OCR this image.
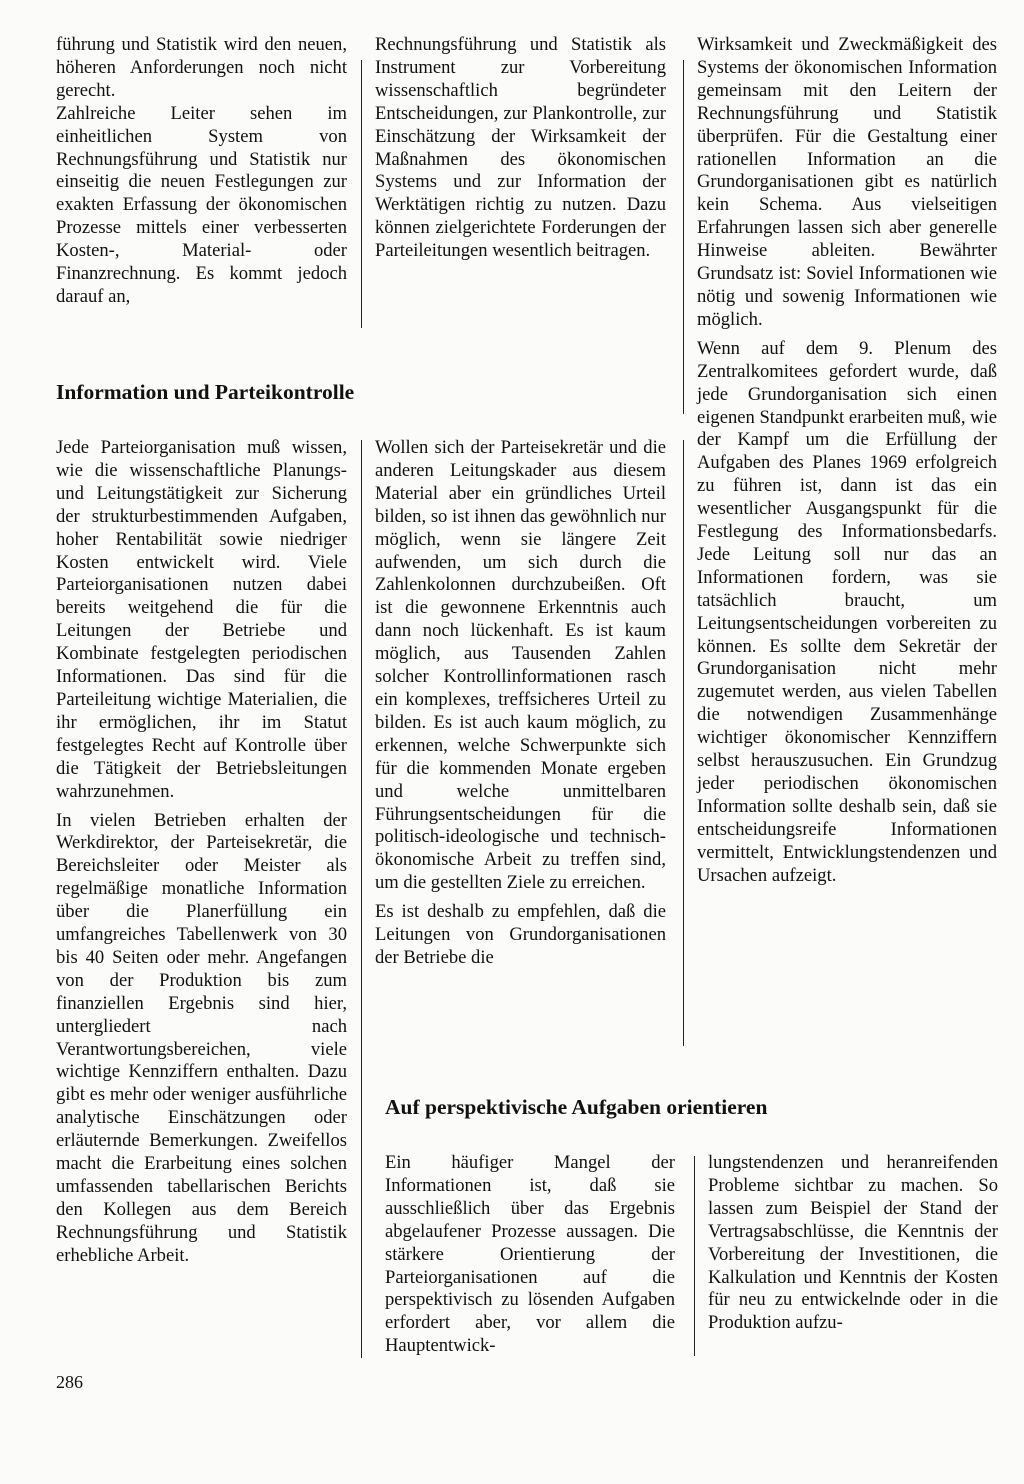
führung und Statistik wird den neuen, höheren Anforderungen noch nicht gerecht.

Zahlreiche Leiter sehen im einheitlichen System von Rechnungsführung und Statistik nur einseitig die neuen Festlegungen zur exakten Erfassung der ökonomischen Prozesse mittels einer verbesserten Kosten-, Material- oder Finanzrechnung. Es kommt jedoch darauf an,

Rechnungsführung und Statistik als Instrument zur Vorbereitung wissenschaftlich begründeter Entscheidungen, zur Plankontrolle, zur Einschätzung der Wirksamkeit der Maßnahmen des ökonomischen Systems und zur Information der Werktätigen richtig zu nutzen. Dazu können zielgerichtete Forderungen der Parteileitungen wesentlich beitragen.

Wirksamkeit und Zweckmäßigkeit des Systems der ökonomischen Information gemeinsam mit den Leitern der Rechnungsführung und Statistik überprüfen. Für die Gestaltung einer rationellen Information an die Grundorganisationen gibt es natürlich kein Schema. Aus vielseitigen Erfahrungen lassen sich aber generelle Hinweise ableiten. Bewährter Grundsatz ist: Soviel Informationen wie nötig und sowenig Informationen wie möglich.

Wenn auf dem 9. Plenum des Zentralkomitees gefordert wurde, daß jede Grundorganisation sich einen eigenen Standpunkt erarbeiten muß, wie der Kampf um die Erfüllung der Aufgaben des Planes 1969 erfolgreich zu führen ist, dann ist das ein wesentlicher Ausgangspunkt für die Festlegung des Informationsbedarfs. Jede Leitung soll nur das an Informationen fordern, was sie tatsächlich braucht, um Leitungsentscheidungen vorbereiten zu können. Es sollte dem Sekretär der Grundorganisation nicht mehr zugemutet werden, aus vielen Tabellen die notwendigen Zusammenhänge wichtiger ökonomischer Kennziffern selbst herauszusuchen. Ein Grundzug jeder periodischen ökonomischen Information sollte deshalb sein, daß sie entscheidungsreife Informationen vermittelt, Entwicklungstendenzen und Ursachen aufzeigt.

Information und Parteikontrolle

Jede Parteiorganisation muß wissen, wie die wissenschaftliche Planungs- und Leitungstätigkeit zur Sicherung der strukturbestimmenden Aufgaben, hoher Rentabilität sowie niedriger Kosten entwickelt wird. Viele Parteiorganisationen nutzen dabei bereits weitgehend die für die Leitungen der Betriebe und Kombinate festgelegten periodischen Informationen. Das sind für die Parteileitung wichtige Materialien, die ihr ermöglichen, ihr im Statut festgelegtes Recht auf Kontrolle über die Tätigkeit der Betriebsleitungen wahrzunehmen.

In vielen Betrieben erhalten der Werkdirektor, der Parteisekretär, die Bereichsleiter oder Meister als regelmäßige monatliche Information über die Planerfüllung ein umfangreiches Tabellenwerk von 30 bis 40 Seiten oder mehr. Angefangen von der Produktion bis zum finanziellen Ergebnis sind hier, untergliedert nach Verantwortungsbereichen, viele wichtige Kennziffern enthalten. Dazu gibt es mehr oder weniger ausführliche analytische Einschätzungen oder erläuternde Bemerkungen. Zweifellos macht die Erarbeitung eines solchen umfassenden tabellarischen Berichts den Kollegen aus dem Bereich Rechnungsführung und Statistik erhebliche Arbeit.

Wollen sich der Parteisekretär und die anderen Leitungskader aus diesem Material aber ein gründliches Urteil bilden, so ist ihnen das gewöhnlich nur möglich, wenn sie längere Zeit aufwenden, um sich durch die Zahlenkolonnen durchzubeißen. Oft ist die gewonnene Erkenntnis auch dann noch lückenhaft. Es ist kaum möglich, aus Tausenden Zahlen solcher Kontrollinformationen rasch ein komplexes, treffsicheres Urteil zu bilden. Es ist auch kaum möglich, zu erkennen, welche Schwerpunkte sich für die kommenden Monate ergeben und welche unmittelbaren Führungsentscheidungen für die politisch-ideologische und technisch-ökonomische Arbeit zu treffen sind, um die gestellten Ziele zu erreichen.

Es ist deshalb zu empfehlen, daß die Leitungen von Grundorganisationen der Betriebe die

Auf perspektivische Aufgaben orientieren

Ein häufiger Mangel der Informationen ist, daß sie ausschließlich über das Ergebnis abgelaufener Prozesse aussagen. Die stärkere Orientierung der Parteiorganisationen auf die perspektivisch zu lösenden Aufgaben erfordert aber, vor allem die Hauptentwick-

lungstendenzen und heranreifenden Probleme sichtbar zu machen. So lassen zum Beispiel der Stand der Vertragsabschlüsse, die Kenntnis der Vorbereitung der Investitionen, die Kalkulation und Kenntnis der Kosten für neu zu entwickelnde oder in die Produktion aufzu-

286
